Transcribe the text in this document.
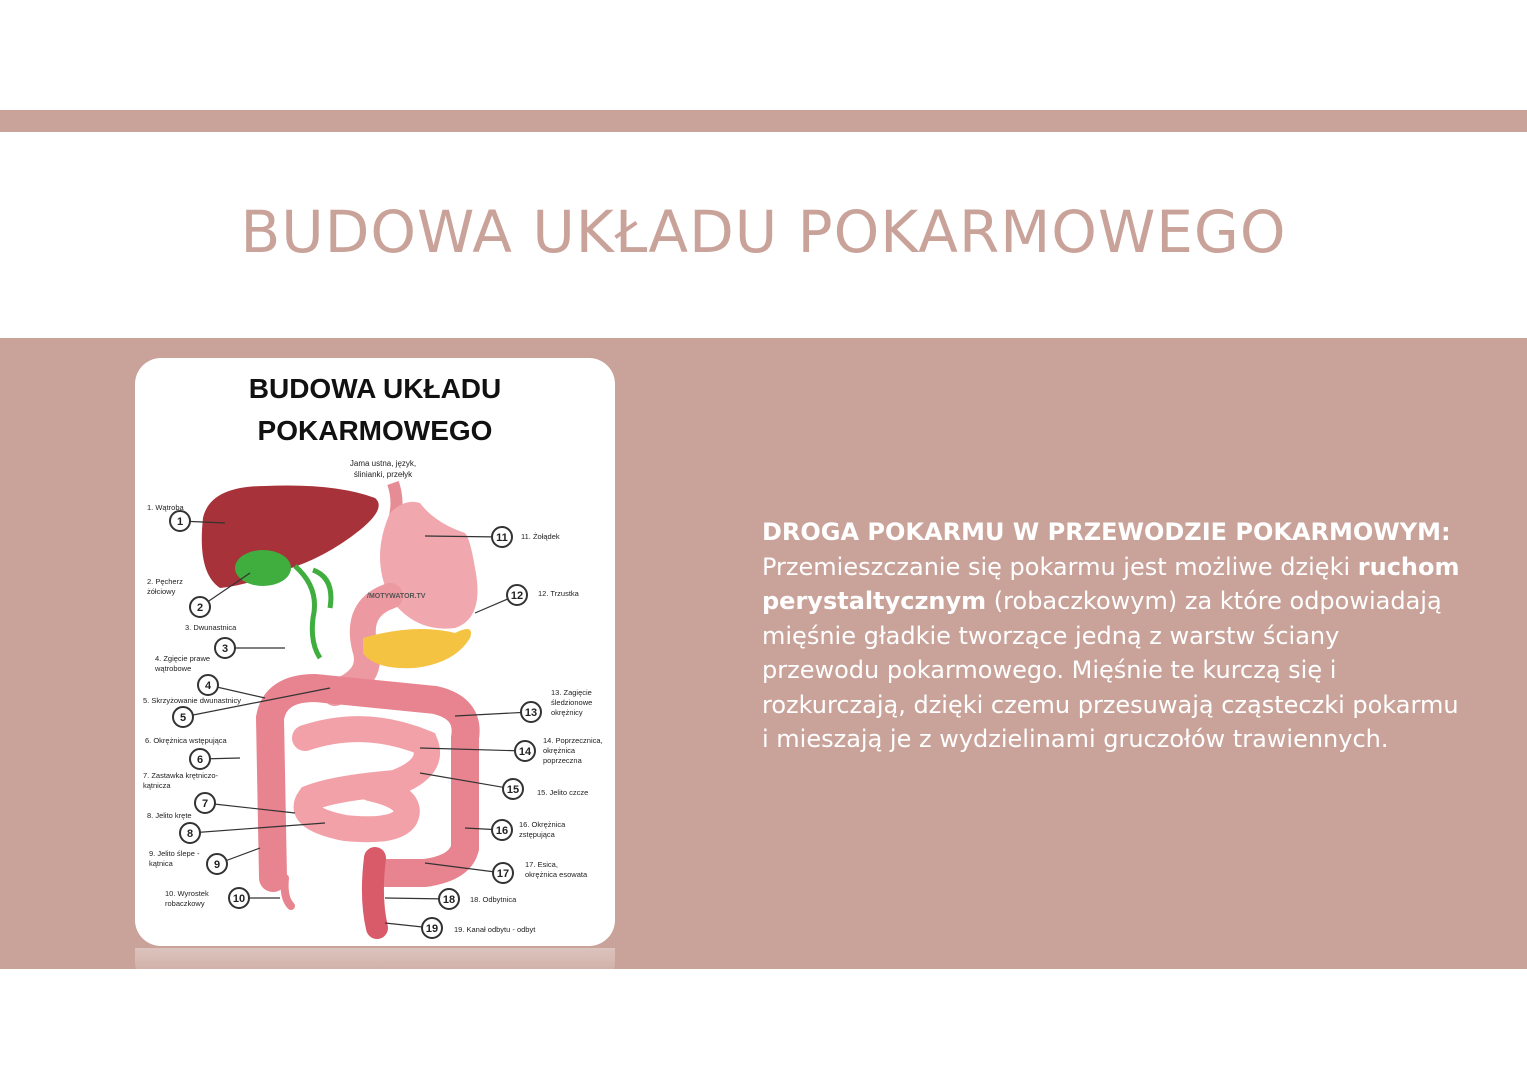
BUDOWA UKŁADU POKARMOWEGO
Jama ustna, język,
ślinianki, przełyk
/MOTYWATOR.TV
1
1. Wątroba
2
2. Pęcherz
żółciowy
3
3. Dwunastnica
4
4. Zgięcie prawe
wątrobowe
5
5. Skrzyżowanie dwunastnicy
6
6. Okrężnica wstępująca
7
7. Zastawka krętniczo-
kątnicza
8
8. Jelito kręte
9
9. Jelito ślepe -
kątnica
10
10. Wyrostek
robaczkowy
11 11. Żołądek
12 12. Trzustka
13
13. Zagięcie
śledzionowe
okrężnicy
14
14. Poprzecznica,
okrężnica
poprzeczna
15 15. Jelito czcze
16
16. Okrężnica
zstępująca
17
17. Esica,
okrężnica esowata
18 18. Odbytnica
19 19. Kanał odbytu - odbyt
BUDOWA UKŁADU
POKARMOWEGO
DROGA POKARMU W PRZEWODZIE POKARMOWYM:
Przemieszczanie się pokarmu jest możliwe dzięki ruchom perystaltycznym (robaczkowym) za które odpowiadają mięśnie gładkie tworzące jedną z warstw ściany przewodu pokarmowego. Mięśnie te kurczą się i rozkurczają, dzięki czemu przesuwają cząsteczki pokarmu i mieszają je z wydzielinami gruczołów trawiennych.
